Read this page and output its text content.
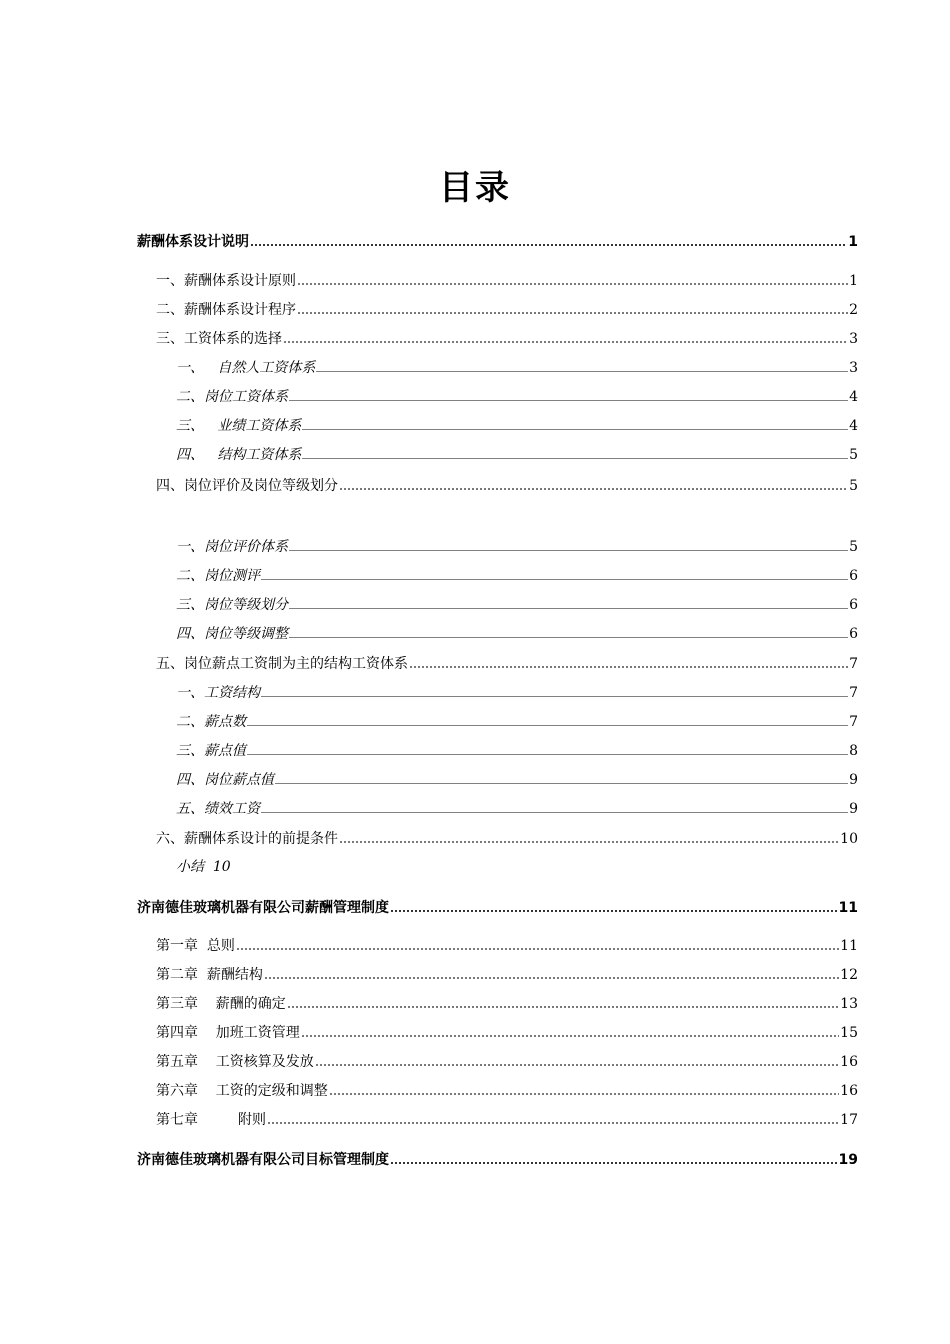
目录
薪酬体系设计说明	1
一、薪酬体系设计原则	1
二、薪酬体系设计程序	2
三、工资体系的选择	3
一、   自然人工资体系	3
二、岗位工资体系	4
三、   业绩工资体系	4
四、   结构工资体系	5
四、岗位评价及岗位等级划分	5
一、岗位评价体系	5
二、岗位测评	6
三、岗位等级划分	6
四、岗位等级调整	6
五、岗位薪点工资制为主的结构工资体系	7
一、工资结构	7
二、薪点数	7
三、薪点值	8
四、岗位薪点值	9
五、绩效工资	9
六、薪酬体系设计的前提条件	10
小结  10
济南德佳玻璃机器有限公司薪酬管理制度	11
第一章  总则	11
第二章  薪酬结构	12
第三章    薪酬的确定	13
第四章    加班工资管理	15
第五章    工资核算及发放	16
第六章    工资的定级和调整	16
第七章         附则	17
济南德佳玻璃机器有限公司目标管理制度	19
